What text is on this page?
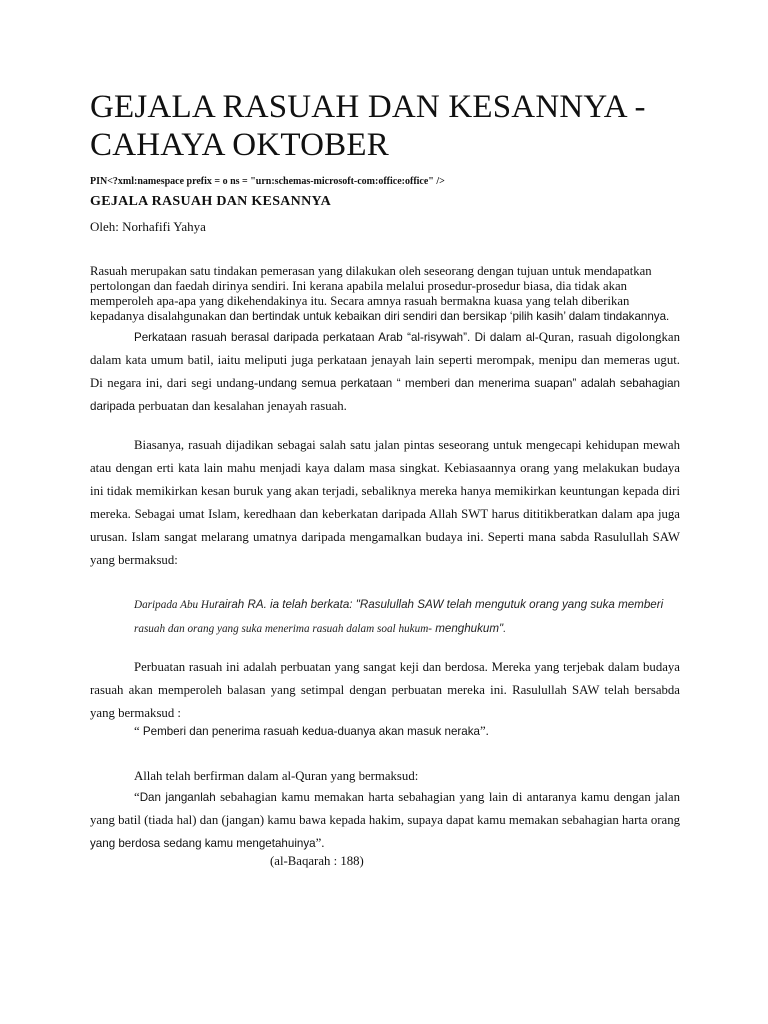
GEJALA RASUAH DAN KESANNYA - CAHAYA OKTOBER
PIN<?xml:namespace prefix = o ns = "urn:schemas-microsoft-com:office:office" />
GEJALA RASUAH DAN KESANNYA
Oleh: Norhafifi Yahya

Rasuah merupakan satu tindakan pemerasan yang dilakukan oleh seseorang dengan tujuan untuk mendapatkan pertolongan dan faedah dirinya sendiri. Ini kerana apabila melalui prosedur-prosedur biasa, dia tidak akan memperoleh apa-apa yang dikehendakinya itu. Secara amnya rasuah bermakna kuasa yang telah diberikan kepadanya disalahgunakan dan bertindak untuk kebaikan diri sendiri dan bersikap ‘pilih kasih’ dalam tindakannya.

Perkataan rasuah berasal daripada perkataan Arab “al-risywah”. Di dalam al-Quran, rasuah digolongkan dalam kata umum batil, iaitu meliputi juga perkataan jenayah lain seperti merompak, menipu dan memeras ugut. Di negara ini, dari segi undang-undang semua perkataan “ memberi dan menerima suapan” adalah sebahagian daripada perbuatan dan kesalahan jenayah rasuah.

Biasanya, rasuah dijadikan sebagai salah satu jalan pintas seseorang untuk mengecapi kehidupan mewah atau dengan erti kata lain mahu menjadi kaya dalam masa singkat. Kebiasaannya orang yang melakukan budaya ini tidak memikirkan kesan buruk yang akan terjadi, sebaliknya mereka hanya memikirkan keuntungan kepada diri mereka. Sebagai umat Islam, keredhaan dan keberkatan daripada Allah SWT harus dititikberatkan dalam apa juga urusan. Islam sangat melarang umatnya daripada mengamalkan budaya ini. Seperti mana sabda Rasulullah SAW yang bermaksud:

Daripada Abu Hurairah RA. ia telah berkata: "Rasulullah SAW telah mengutuk orang yang suka memberi
rasuah dan orang yang suka menerima rasuah dalam soal hukum- menghukum".

Perbuatan rasuah ini adalah perbuatan yang sangat keji dan berdosa. Mereka yang terjebak dalam budaya rasuah akan memperoleh balasan yang setimpal dengan perbuatan mereka ini. Rasulullah SAW telah bersabda yang bermaksud :

“ Pemberi dan penerima rasuah kedua-duanya akan masuk neraka”.

Allah telah berfirman dalam al-Quran yang bermaksud:

“Dan janganlah sebahagian kamu memakan harta sebahagian yang lain di antaranya kamu dengan jalan yang batil (tiada hal) dan (jangan) kamu bawa kepada hakim, supaya dapat kamu memakan sebahagian harta orang yang berdosa sedang kamu mengetahuinya”.

(al-Baqarah : 188)
